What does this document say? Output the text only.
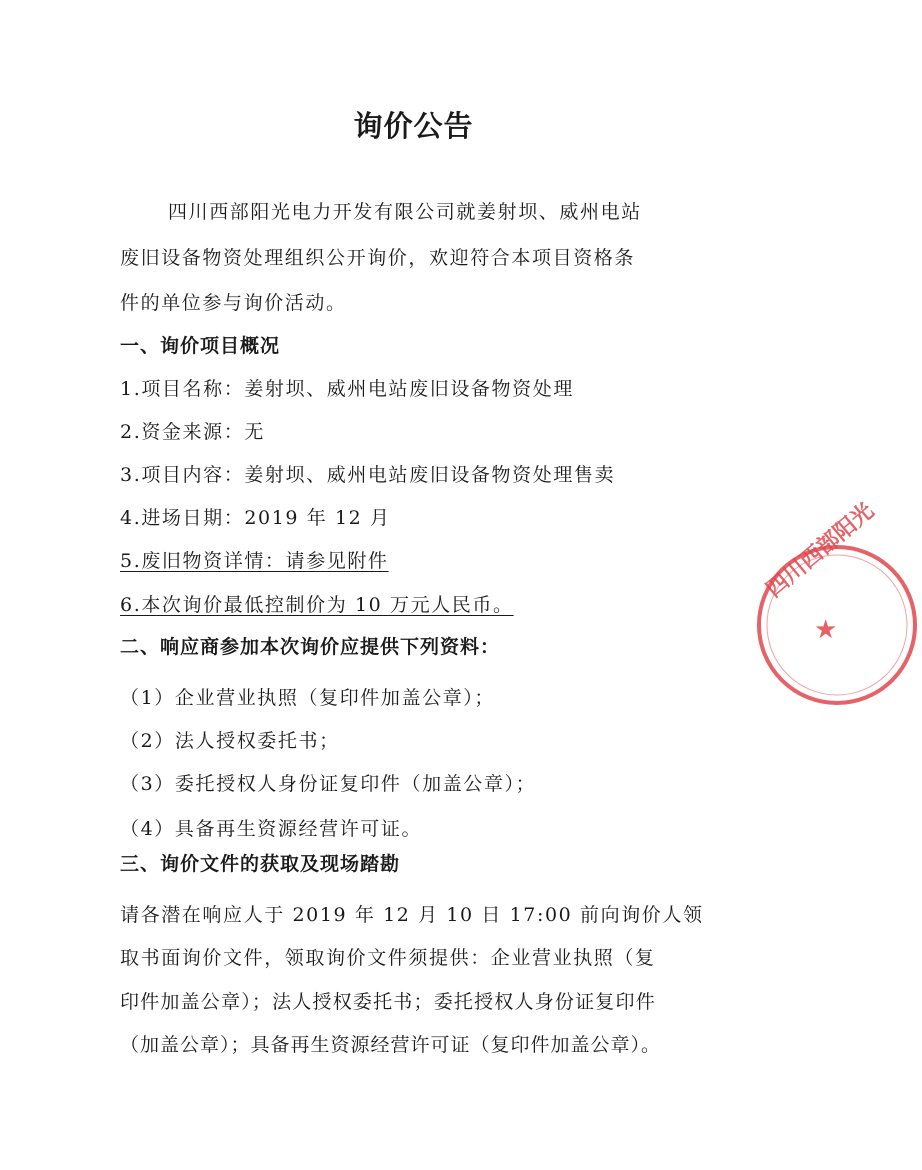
询价公告
四川西部阳光电力开发有限公司就姜射坝、威州电站
废旧设备物资处理组织公开询价，欢迎符合本项目资格条
件的单位参与询价活动。
一、询价项目概况
1.项目名称：姜射坝、威州电站废旧设备物资处理
2.资金来源：无
3.项目内容：姜射坝、威州电站废旧设备物资处理售卖
4.进场日期：2019 年 12 月
5.废旧物资详情：请参见附件
6.本次询价最低控制价为 10 万元人民币。
二、响应商参加本次询价应提供下列资料：
（1）企业营业执照（复印件加盖公章）；
（2）法人授权委托书；
（3）委托授权人身份证复印件（加盖公章）；
（4）具备再生资源经营许可证。
三、询价文件的获取及现场踏勘
请各潜在响应人于 2019 年 12 月 10 日 17:00 前向询价人领
取书面询价文件，领取询价文件须提供：企业营业执照（复
印件加盖公章）；法人授权委托书；委托授权人身份证复印件
（加盖公章）；具备再生资源经营许可证（复印件加盖公章）。
四川西部阳光
★
